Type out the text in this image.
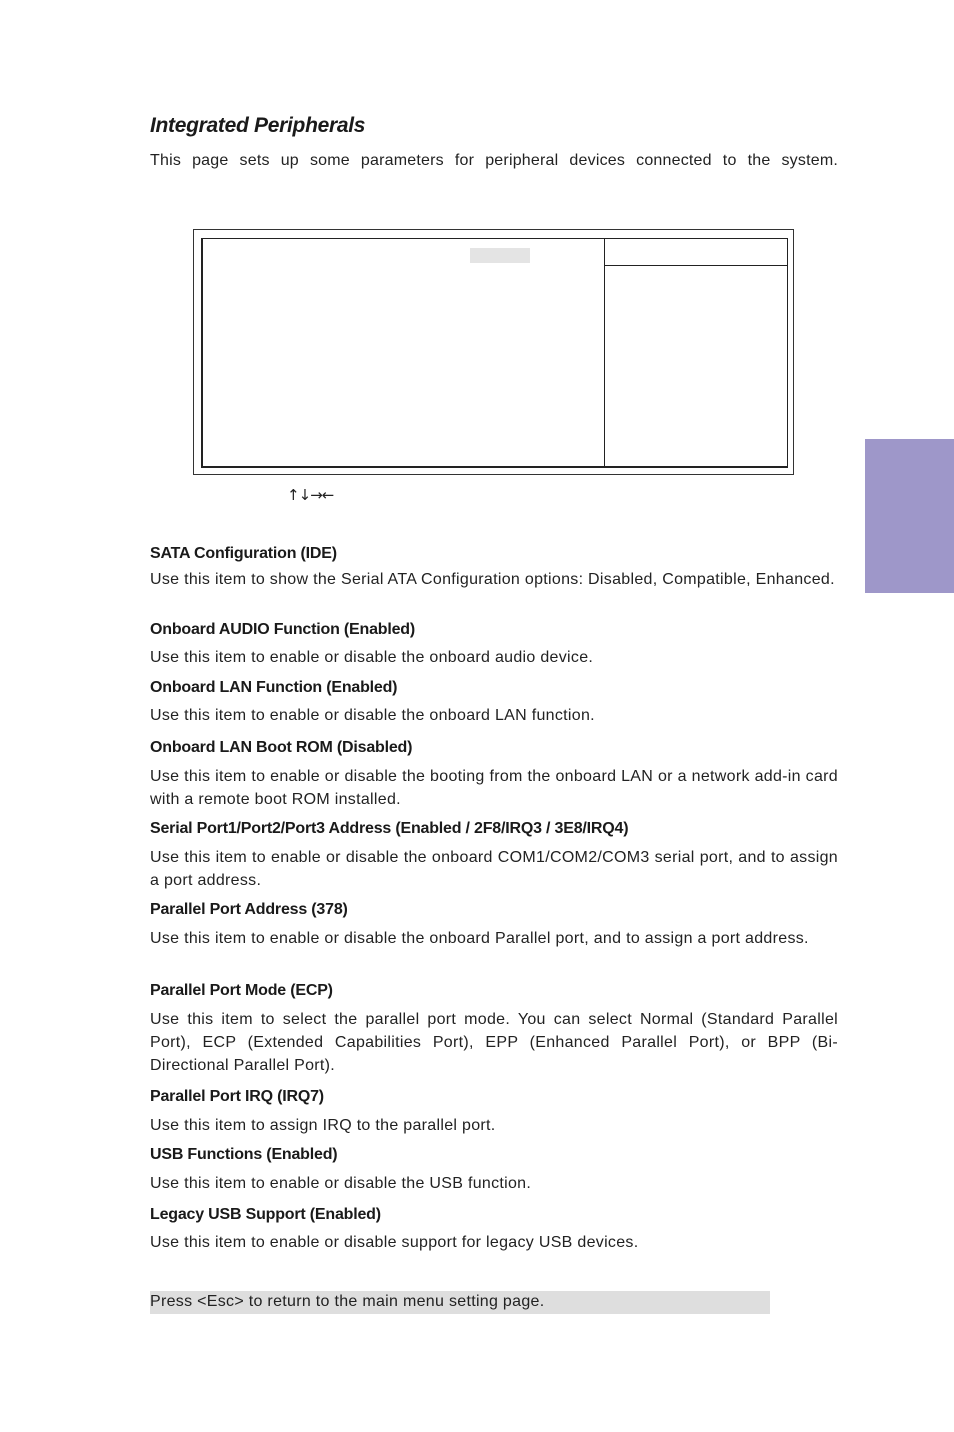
Integrated Peripherals
This page sets up some parameters for peripheral devices connected to the system.
↑↓→←
SATA Configuration (IDE)
Use this item to show the Serial ATA Configuration options: Disabled, Compatible, Enhanced.
Onboard AUDIO Function (Enabled)
Use this item to enable or disable the onboard audio device.
Onboard LAN Function (Enabled)
Use this item to enable or disable the onboard LAN function.
Onboard LAN Boot ROM (Disabled)
Use this item to enable or disable the booting from the onboard LAN or a network add-in card with a remote boot ROM installed.
Serial Port1/Port2/Port3 Address (Enabled / 2F8/IRQ3 / 3E8/IRQ4)
Use this item to enable or disable the onboard COM1/COM2/COM3 serial port, and to assign a port address.
Parallel Port Address (378)
Use this item to enable or disable the onboard Parallel port, and to assign a port address.
Parallel Port Mode (ECP)
Use this item to select the parallel port mode. You can select Normal (Standard Parallel Port), ECP (Extended Capabilities Port), EPP (Enhanced Parallel Port), or BPP (Bi-Directional Parallel Port).
Parallel Port IRQ (IRQ7)
Use this item to assign IRQ to the parallel port.
USB Functions (Enabled)
Use this item to enable or disable the USB function.
Legacy USB Support (Enabled)
Use this item to enable or disable support for legacy USB devices.
Press <Esc> to return to the main menu setting page.
